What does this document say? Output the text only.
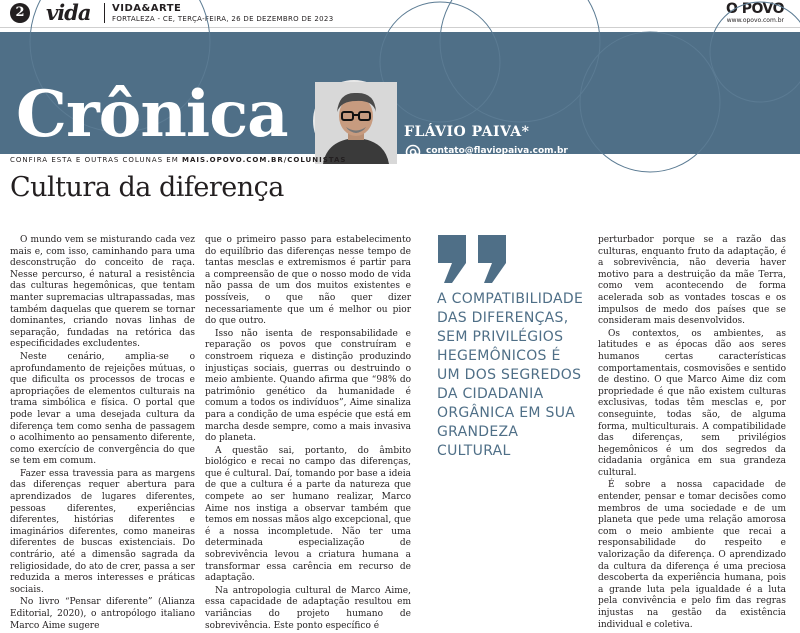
2 vida VIDA&ARTE
FORTALEZA - CE, TERÇA-FEIRA, 26 DE DEZEMBRO DE 2023
O POVO
www.opovo.com.br
Crônica	FLÁVIO PAIVA*
contato@flaviopaiva.com.br
www.flaviopaiva.com.br
*ESCREVE ÀS TERÇAS
CONFIRA ESTA E OUTRAS COLUNAS EM MAIS.OPOVO.COM.BR/COLUNISTAS
Cultura da diferença

O mundo vem se misturando cada vez mais e, com isso, caminhando para uma desconstrução do conceito de raça. Nesse percurso, é natural a resistência das culturas hegemônicas, que tentam manter supremacias ultrapassadas, mas também daquelas que querem se tornar dominantes, criando novas linhas de separação, fundadas na retórica das especificidades excludentes.

Neste cenário, amplia-se o aprofundamento de rejeições mútuas, o que dificulta os processos de trocas e apropriações de elementos culturais na trama simbólica e física. O portal que pode levar a uma desejada cultura da diferença tem como senha de passagem o acolhimento ao pensamento diferente, como exercício de convergência do que se tem em comum.

Fazer essa travessia para as margens das diferenças requer abertura para aprendizados de lugares diferentes, pessoas diferentes, experiências diferentes, histórias diferentes e imaginários diferentes, como maneiras diferentes de buscas existenciais. Do contrário, até a dimensão sagrada da religiosidade, do ato de crer, passa a ser reduzida a meros interesses e práticas sociais.

No livro “Pensar diferente” (Alianza Editorial, 2020), o antropólogo italiano Marco Aime sugere

que o primeiro passo para estabelecimento do equilíbrio das diferenças nesse tempo de tantas mesclas e extremismos é partir para a compreensão de que o nosso modo de vida não passa de um dos muitos existentes e possíveis, o que não quer dizer necessariamente que um é melhor ou pior do que outro.

Isso não isenta de responsabilidade e reparação os povos que construíram e constroem riqueza e distinção produzindo injustiças sociais, guerras ou destruindo o meio ambiente. Quando afirma que “98% do patrimônio genético da humanidade é comum a todos os indivíduos”, Aime sinaliza para a condição de uma espécie que está em marcha desde sempre, como a mais invasiva do planeta.

A questão sai, portanto, do âmbito biológico e recai no campo das diferenças, que é cultural. Daí, tomando por base a ideia de que a cultura é a parte da natureza que compete ao ser humano realizar, Marco Aime nos instiga a observar também que temos em nossas mãos algo excepcional, que é a nossa incompletude. Não ter uma determinada especialização de sobrevivência levou a criatura humana a transformar essa carência em recurso de adaptação.

Na antropologia cultural de Marco Aime, essa capacidade de adaptação resultou em variâncias do projeto humano de sobrevivência. Este ponto específico é

A COMPATIBILIDADE DAS DIFERENÇAS, SEM PRIVILÉGIOS HEGEMÔNICOS É UM DOS SEGREDOS DA CIDADANIA ORGÂNICA EM SUA GRANDEZA CULTURAL

perturbador porque se a razão das culturas, enquanto fruto da adaptação, é a sobrevivência, não deveria haver motivo para a destruição da mãe Terra, como vem acontecendo de forma acelerada sob as vontades toscas e os impulsos de medo dos países que se consideram mais desenvolvidos.

Os contextos, os ambientes, as latitudes e as épocas dão aos seres humanos certas características comportamentais, cosmovisões e sentido de destino. O que Marco Aime diz com propriedade é que não existem culturas exclusivas, todas têm mesclas e, por conseguinte, todas são, de alguma forma, multiculturais. A compatibilidade das diferenças, sem privilégios hegemônicos é um dos segredos da cidadania orgânica em sua grandeza cultural.

É sobre a nossa capacidade de entender, pensar e tomar decisões como membros de uma sociedade e de um planeta que pede uma relação amorosa com o meio ambiente que recai a responsabilidade do respeito e valorização da diferença. O aprendizado da cultura da diferença é uma preciosa descoberta da experiência humana, pois a grande luta pela igualdade é a luta pela convivência e pelo fim das regras injustas na gestão da existência individual e coletiva.
